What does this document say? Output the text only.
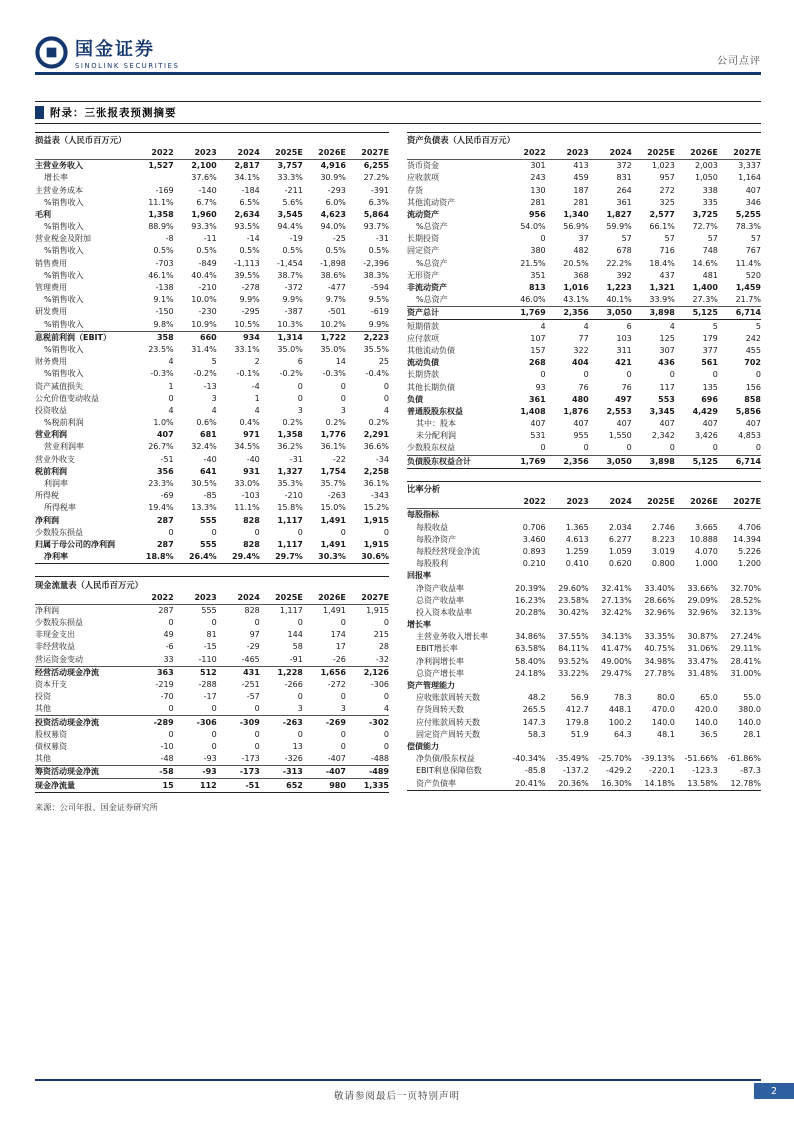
国金证券
SINOLINK SECURITIES	公司点评
附录：三张报表预测摘要
损益表（人民币百万元）						
	2022	2023	2024	2025E	2026E	2027E
主营业务收入	1,527	2,100	2,817	3,757	4,916	6,255
增长率		37.6%	34.1%	33.3%	30.9%	27.2%
主营业务成本	-169	-140	-184	-211	-293	-391
%销售收入	11.1%	6.7%	6.5%	5.6%	6.0%	6.3%
毛利	1,358	1,960	2,634	3,545	4,623	5,864
%销售收入	88.9%	93.3%	93.5%	94.4%	94.0%	93.7%
营业税金及附加	-8	-11	-14	-19	-25	-31
%销售收入	0.5%	0.5%	0.5%	0.5%	0.5%	0.5%
销售费用	-703	-849	-1,113	-1,454	-1,898	-2,396
%销售收入	46.1%	40.4%	39.5%	38.7%	38.6%	38.3%
管理费用	-138	-210	-278	-372	-477	-594
%销售收入	9.1%	10.0%	9.9%	9.9%	9.7%	9.5%
研发费用	-150	-230	-295	-387	-501	-619
%销售收入	9.8%	10.9%	10.5%	10.3%	10.2%	9.9%
息税前利润（EBIT）	358	660	934	1,314	1,722	2,223
%销售收入	23.5%	31.4%	33.1%	35.0%	35.0%	35.5%
财务费用	4	5	2	6	14	25
%销售收入	-0.3%	-0.2%	-0.1%	-0.2%	-0.3%	-0.4%
资产减值损失	1	-13	-4	0	0	0
公允价值变动收益	0	3	1	0	0	0
投资收益	4	4	4	3	3	4
%税前利润	1.0%	0.6%	0.4%	0.2%	0.2%	0.2%
营业利润	407	681	971	1,358	1,776	2,291
营业利润率	26.7%	32.4%	34.5%	36.2%	36.1%	36.6%
营业外收支	-51	-40	-40	-31	-22	-34
税前利润	356	641	931	1,327	1,754	2,258
利润率	23.3%	30.5%	33.0%	35.3%	35.7%	36.1%
所得税	-69	-85	-103	-210	-263	-343
所得税率	19.4%	13.3%	11.1%	15.8%	15.0%	15.2%
净利润	287	555	828	1,117	1,491	1,915
少数股东损益	0	0	0	0	0	0
归属于母公司的净利润	287	555	828	1,117	1,491	1,915
净利率	18.8%	26.4%	29.4%	29.7%	30.3%	30.6%
现金流量表（人民币百万元）						
	2022	2023	2024	2025E	2026E	2027E
净利润	287	555	828	1,117	1,491	1,915
少数股东损益	0	0	0	0	0	0
非现金支出	49	81	97	144	174	215
非经营收益	-6	-15	-29	58	17	28
营运资金变动	33	-110	-465	-91	-26	-32
经营活动现金净流	363	512	431	1,228	1,656	2,126
资本开支	-219	-288	-251	-266	-272	-306
投资	-70	-17	-57	0	0	0
其他	0	0	0	3	3	4
投资活动现金净流	-289	-306	-309	-263	-269	-302
股权募资	0	0	0	0	0	0
债权募资	-10	0	0	13	0	0
其他	-48	-93	-173	-326	-407	-488
筹资活动现金净流	-58	-93	-173	-313	-407	-489
现金净流量	15	112	-51	652	980	1,335
资产负债表（人民币百万元）						
	2022	2023	2024	2025E	2026E	2027E
货币资金	301	413	372	1,023	2,003	3,337
应收款项	243	459	831	957	1,050	1,164
存货	130	187	264	272	338	407
其他流动资产	281	281	361	325	335	346
流动资产	956	1,340	1,827	2,577	3,725	5,255
%总资产	54.0%	56.9%	59.9%	66.1%	72.7%	78.3%
长期投资	0	37	57	57	57	57
固定资产	380	482	678	716	748	767
%总资产	21.5%	20.5%	22.2%	18.4%	14.6%	11.4%
无形资产	351	368	392	437	481	520
非流动资产	813	1,016	1,223	1,321	1,400	1,459
%总资产	46.0%	43.1%	40.1%	33.9%	27.3%	21.7%
资产总计	1,769	2,356	3,050	3,898	5,125	6,714
短期借款	4	4	6	4	5	5
应付款项	107	77	103	125	179	242
其他流动负债	157	322	311	307	377	455
流动负债	268	404	421	436	561	702
长期贷款	0	0	0	0	0	0
其他长期负债	93	76	76	117	135	156
负债	361	480	497	553	696	858
普通股股东权益	1,408	1,876	2,553	3,345	4,429	5,856
其中：股本	407	407	407	407	407	407
未分配利润	531	955	1,550	2,342	3,426	4,853
少数股东权益	0	0	0	0	0	0
负债股东权益合计	1,769	2,356	3,050	3,898	5,125	6,714
比率分析						
	2022	2023	2024	2025E	2026E	2027E
每股指标						
每股收益	0.706	1.365	2.034	2.746	3.665	4.706
每股净资产	3.460	4.613	6.277	8.223	10.888	14.394
每股经营现金净流	0.893	1.259	1.059	3.019	4.070	5.226
每股股利	0.210	0.410	0.620	0.800	1.000	1.200
回报率						
净资产收益率	20.39%	29.60%	32.41%	33.40%	33.66%	32.70%
总资产收益率	16.23%	23.58%	27.13%	28.66%	29.09%	28.52%
投入资本收益率	20.28%	30.42%	32.42%	32.96%	32.96%	32.13%
增长率						
主营业务收入增长率	34.86%	37.55%	34.13%	33.35%	30.87%	27.24%
EBIT增长率	63.58%	84.11%	41.47%	40.75%	31.06%	29.11%
净利润增长率	58.40%	93.52%	49.00%	34.98%	33.47%	28.41%
总资产增长率	24.18%	33.22%	29.47%	27.78%	31.48%	31.00%
资产管理能力						
应收账款周转天数	48.2	56.9	78.3	80.0	65.0	55.0
存货周转天数	265.5	412.7	448.1	470.0	420.0	380.0
应付账款周转天数	147.3	179.8	100.2	140.0	140.0	140.0
固定资产周转天数	58.3	51.9	64.3	48.1	36.5	28.1
偿债能力						
净负债/股东权益	-40.34%	-35.49%	-25.70%	-39.13%	-51.66%	-61.86%
EBIT利息保障倍数	-85.8	-137.2	-429.2	-220.1	-123.3	-87.3
资产负债率	20.41%	20.36%	16.30%	14.18%	13.58%	12.78%
来源：公司年报、国金证券研究所
敬请参阅最后一页特别声明	2
